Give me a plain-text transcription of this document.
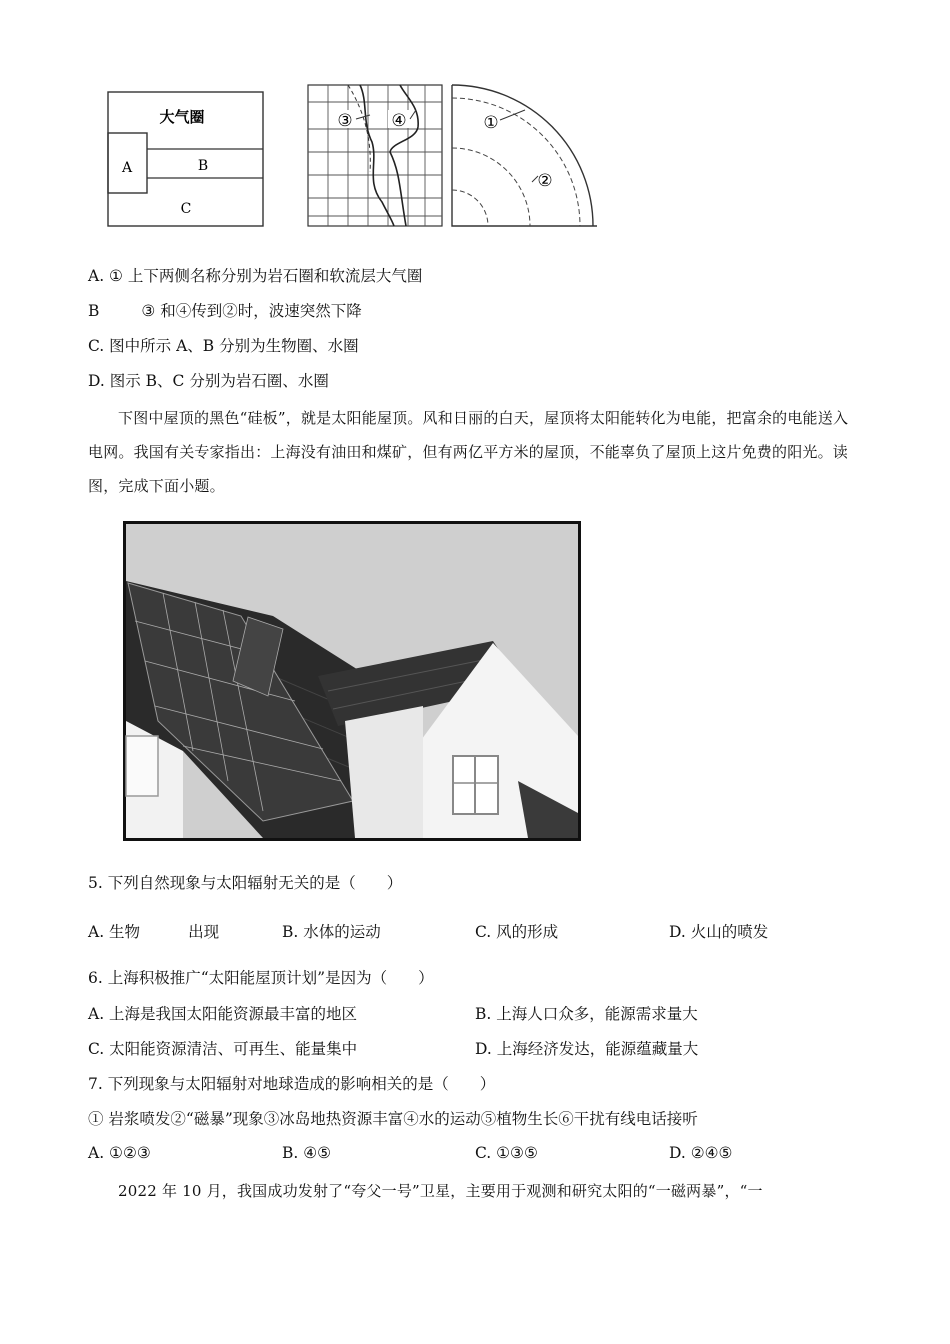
大气圈
A	B
C
③ ④	①
②
A. ① 上下两侧名称分别为岩石圈和软流层大气圈
B	③ 和④传到②时，波速突然下降
C. 图中所示 A、B 分别为生物圈、水圈
D. 图示 B、C 分别为岩石圈、水圈
下图中屋顶的黑色“硅板”，就是太阳能屋顶。风和日丽的白天，屋顶将太阳能转化为电能，把富余的电能送入电网。我国有关专家指出：上海没有油田和煤矿，但有两亿平方米的屋顶，不能辜负了屋顶上这片免费的阳光。读图，完成下面小题。
5. 下列自然现象与太阳辐射无关的是（　　）
A. 生物	出现	B. 水体的运动	C. 风的形成	D. 火山的喷发
6. 上海积极推广“太阳能屋顶计划”是因为（　　）
A. 上海是我国太阳能资源最丰富的地区	B. 上海人口众多，能源需求量大
C. 太阳能资源清洁、可再生、能量集中	D. 上海经济发达，能源蕴藏量大
7. 下列现象与太阳辐射对地球造成的影响相关的是（　　）
① 岩浆喷发②“磁暴”现象③冰岛地热资源丰富④水的运动⑤植物生长⑥干扰有线电话接听
A. ①②③	B. ④⑤	C. ①③⑤	D. ②④⑤
2022 年 10 月，我国成功发射了“夸父一号”卫星，主要用于观测和研究太阳的“一磁两暴”，“一
